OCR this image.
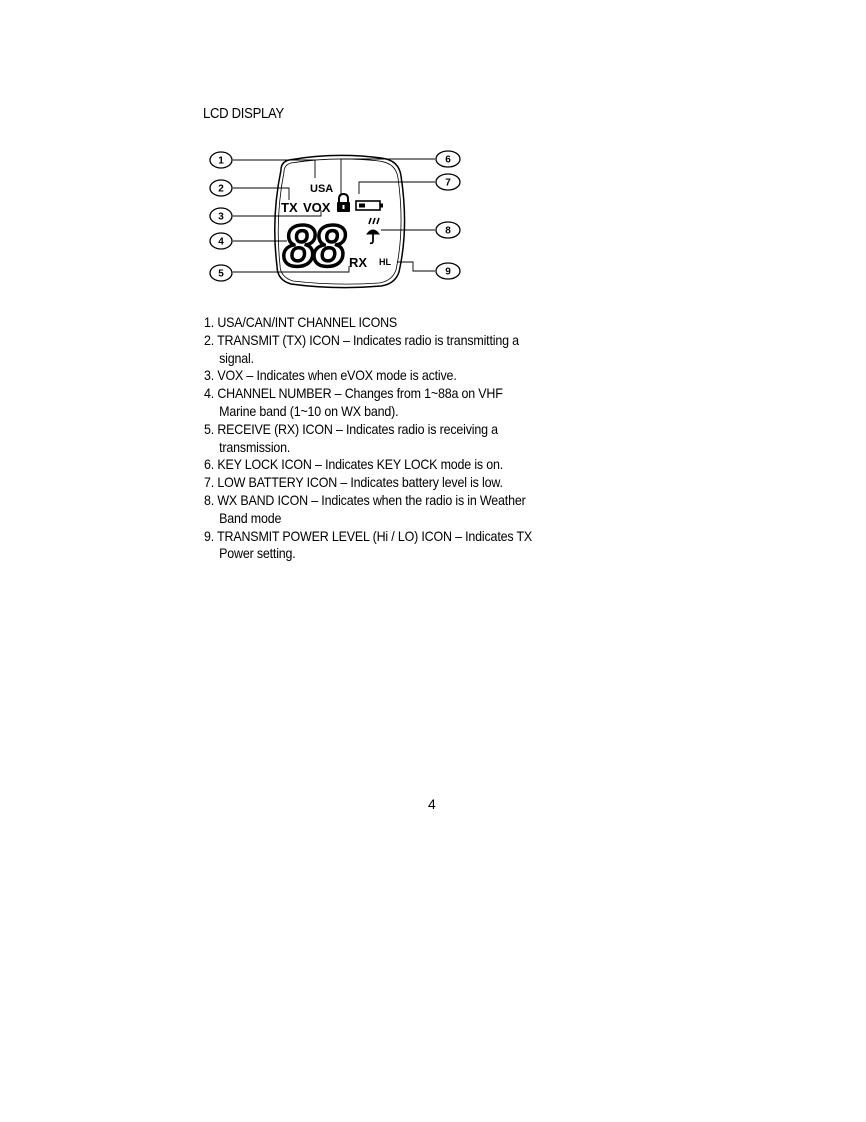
LCD DISPLAY
1
2
3
4
5
6
7
8
9
USA
TX VOX
88 RX HL
1. USA/CAN/INT CHANNEL ICONS
2. TRANSMIT (TX) ICON – Indicates radio is transmitting a
signal.
3. VOX – Indicates when eVOX mode is active.
4. CHANNEL NUMBER – Changes from 1~88a on VHF
Marine band (1~10 on WX band).
5. RECEIVE (RX) ICON – Indicates radio is receiving a
transmission.
6. KEY LOCK ICON – Indicates KEY LOCK mode is on.
7. LOW BATTERY ICON – Indicates battery level is low.
8. WX BAND ICON – Indicates when the radio is in Weather
Band mode
9. TRANSMIT POWER LEVEL (Hi / LO) ICON – Indicates TX
Power setting.
4
